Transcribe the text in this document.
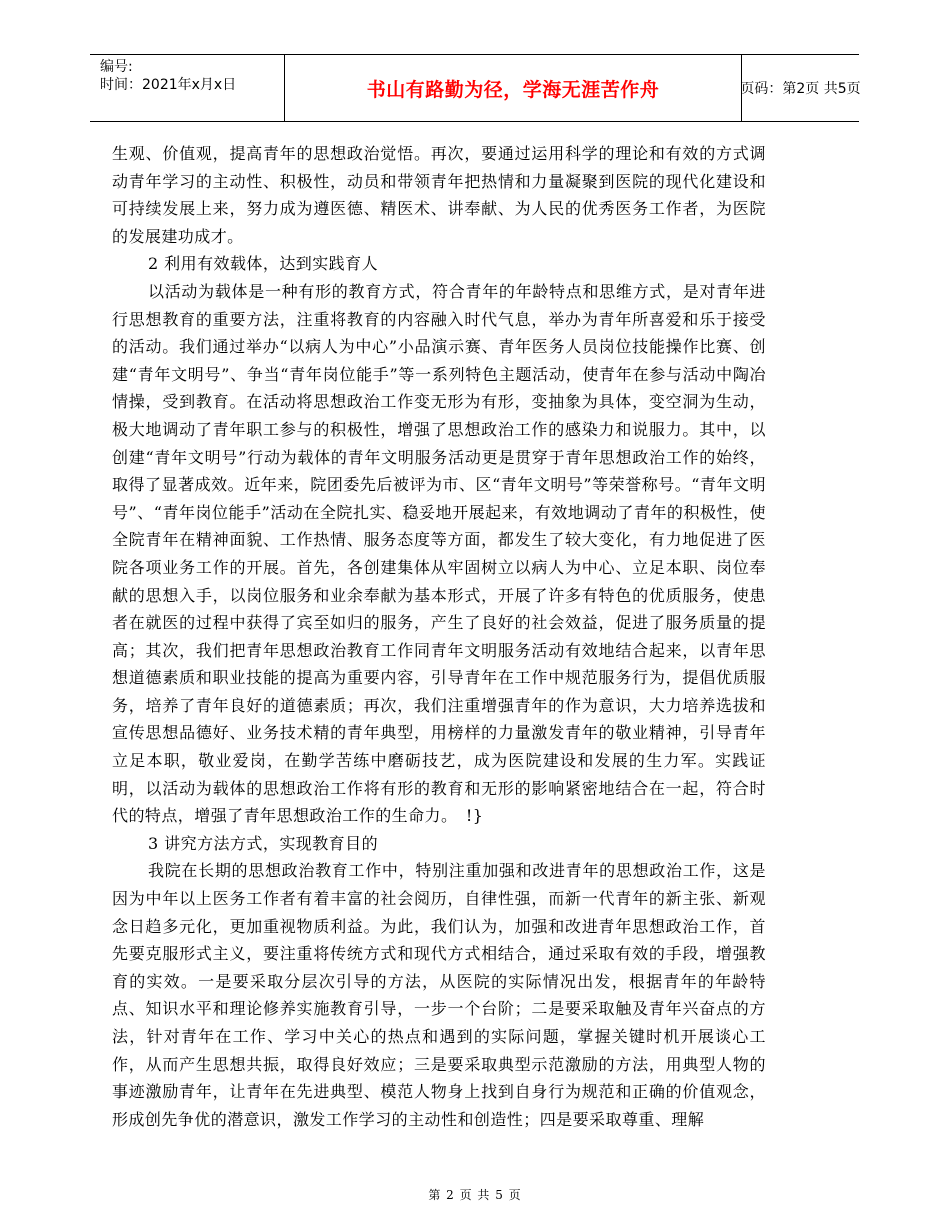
编号:
时间：2021年x月x日	书山有路勤为径，学海无涯苦作舟	页码：第2页 共5页

生观、价值观，提高青年的思想政治觉悟。再次，要通过运用科学的理论和有效的方式调动青年学习的主动性、积极性，动员和带领青年把热情和力量凝聚到医院的现代化建设和可持续发展上来，努力成为遵医德、精医术、讲奉献、为人民的优秀医务工作者，为医院的发展建功成才。

2 利用有效载体，达到实践育人

以活动为载体是一种有形的教育方式，符合青年的年龄特点和思维方式，是对青年进行思想教育的重要方法，注重将教育的内容融入时代气息，举办为青年所喜爱和乐于接受的活动。我们通过举办“以病人为中心”小品演示赛、青年医务人员岗位技能操作比赛、创建“青年文明号”、争当“青年岗位能手”等一系列特色主题活动，使青年在参与活动中陶冶情操，受到教育。在活动将思想政治工作变无形为有形，变抽象为具体，变空洞为生动，极大地调动了青年职工参与的积极性，增强了思想政治工作的感染力和说服力。其中，以创建“青年文明号”行动为载体的青年文明服务活动更是贯穿于青年思想政治工作的始终，取得了显著成效。近年来，院团委先后被评为市、区“青年文明号”等荣誉称号。“青年文明号”、“青年岗位能手”活动在全院扎实、稳妥地开展起来，有效地调动了青年的积极性，使全院青年在精神面貌、工作热情、服务态度等方面，都发生了较大变化，有力地促进了医院各项业务工作的开展。首先，各创建集体从牢固树立以病人为中心、立足本职、岗位奉献的思想入手，以岗位服务和业余奉献为基本形式，开展了许多有特色的优质服务，使患者在就医的过程中获得了宾至如归的服务，产生了良好的社会效益，促进了服务质量的提高；其次，我们把青年思想政治教育工作同青年文明服务活动有效地结合起来，以青年思想道德素质和职业技能的提高为重要内容，引导青年在工作中规范服务行为，提倡优质服务，培养了青年良好的道德素质；再次，我们注重增强青年的作为意识，大力培养选拔和宣传思想品德好、业务技术精的青年典型，用榜样的力量激发青年的敬业精神，引导青年立足本职，敬业爱岗，在勤学苦练中磨砺技艺，成为医院建设和发展的生力军。实践证明，以活动为载体的思想政治工作将有形的教育和无形的影响紧密地结合在一起，符合时代的特点，增强了青年思想政治工作的生命力。　!}

3 讲究方法方式，实现教育目的

我院在长期的思想政治教育工作中，特别注重加强和改进青年的思想政治工作，这是因为中年以上医务工作者有着丰富的社会阅历，自律性强，而新一代青年的新主张、新观念日趋多元化，更加重视物质利益。为此，我们认为，加强和改进青年思想政治工作，首先要克服形式主义，要注重将传统方式和现代方式相结合，通过采取有效的手段，增强教育的实效。一是要采取分层次引导的方法，从医院的实际情况出发，根据青年的年龄特点、知识水平和理论修养实施教育引导，一步一个台阶；二是要采取触及青年兴奋点的方法，针对青年在工作、学习中关心的热点和遇到的实际问题，掌握关键时机开展谈心工作，从而产生思想共振，取得良好效应；三是要采取典型示范激励的方法，用典型人物的事迹激励青年，让青年在先进典型、模范人物身上找到自身行为规范和正确的价值观念，形成创先争优的潜意识，激发工作学习的主动性和创造性；四是要采取尊重、理解

第 2 页 共 5 页
